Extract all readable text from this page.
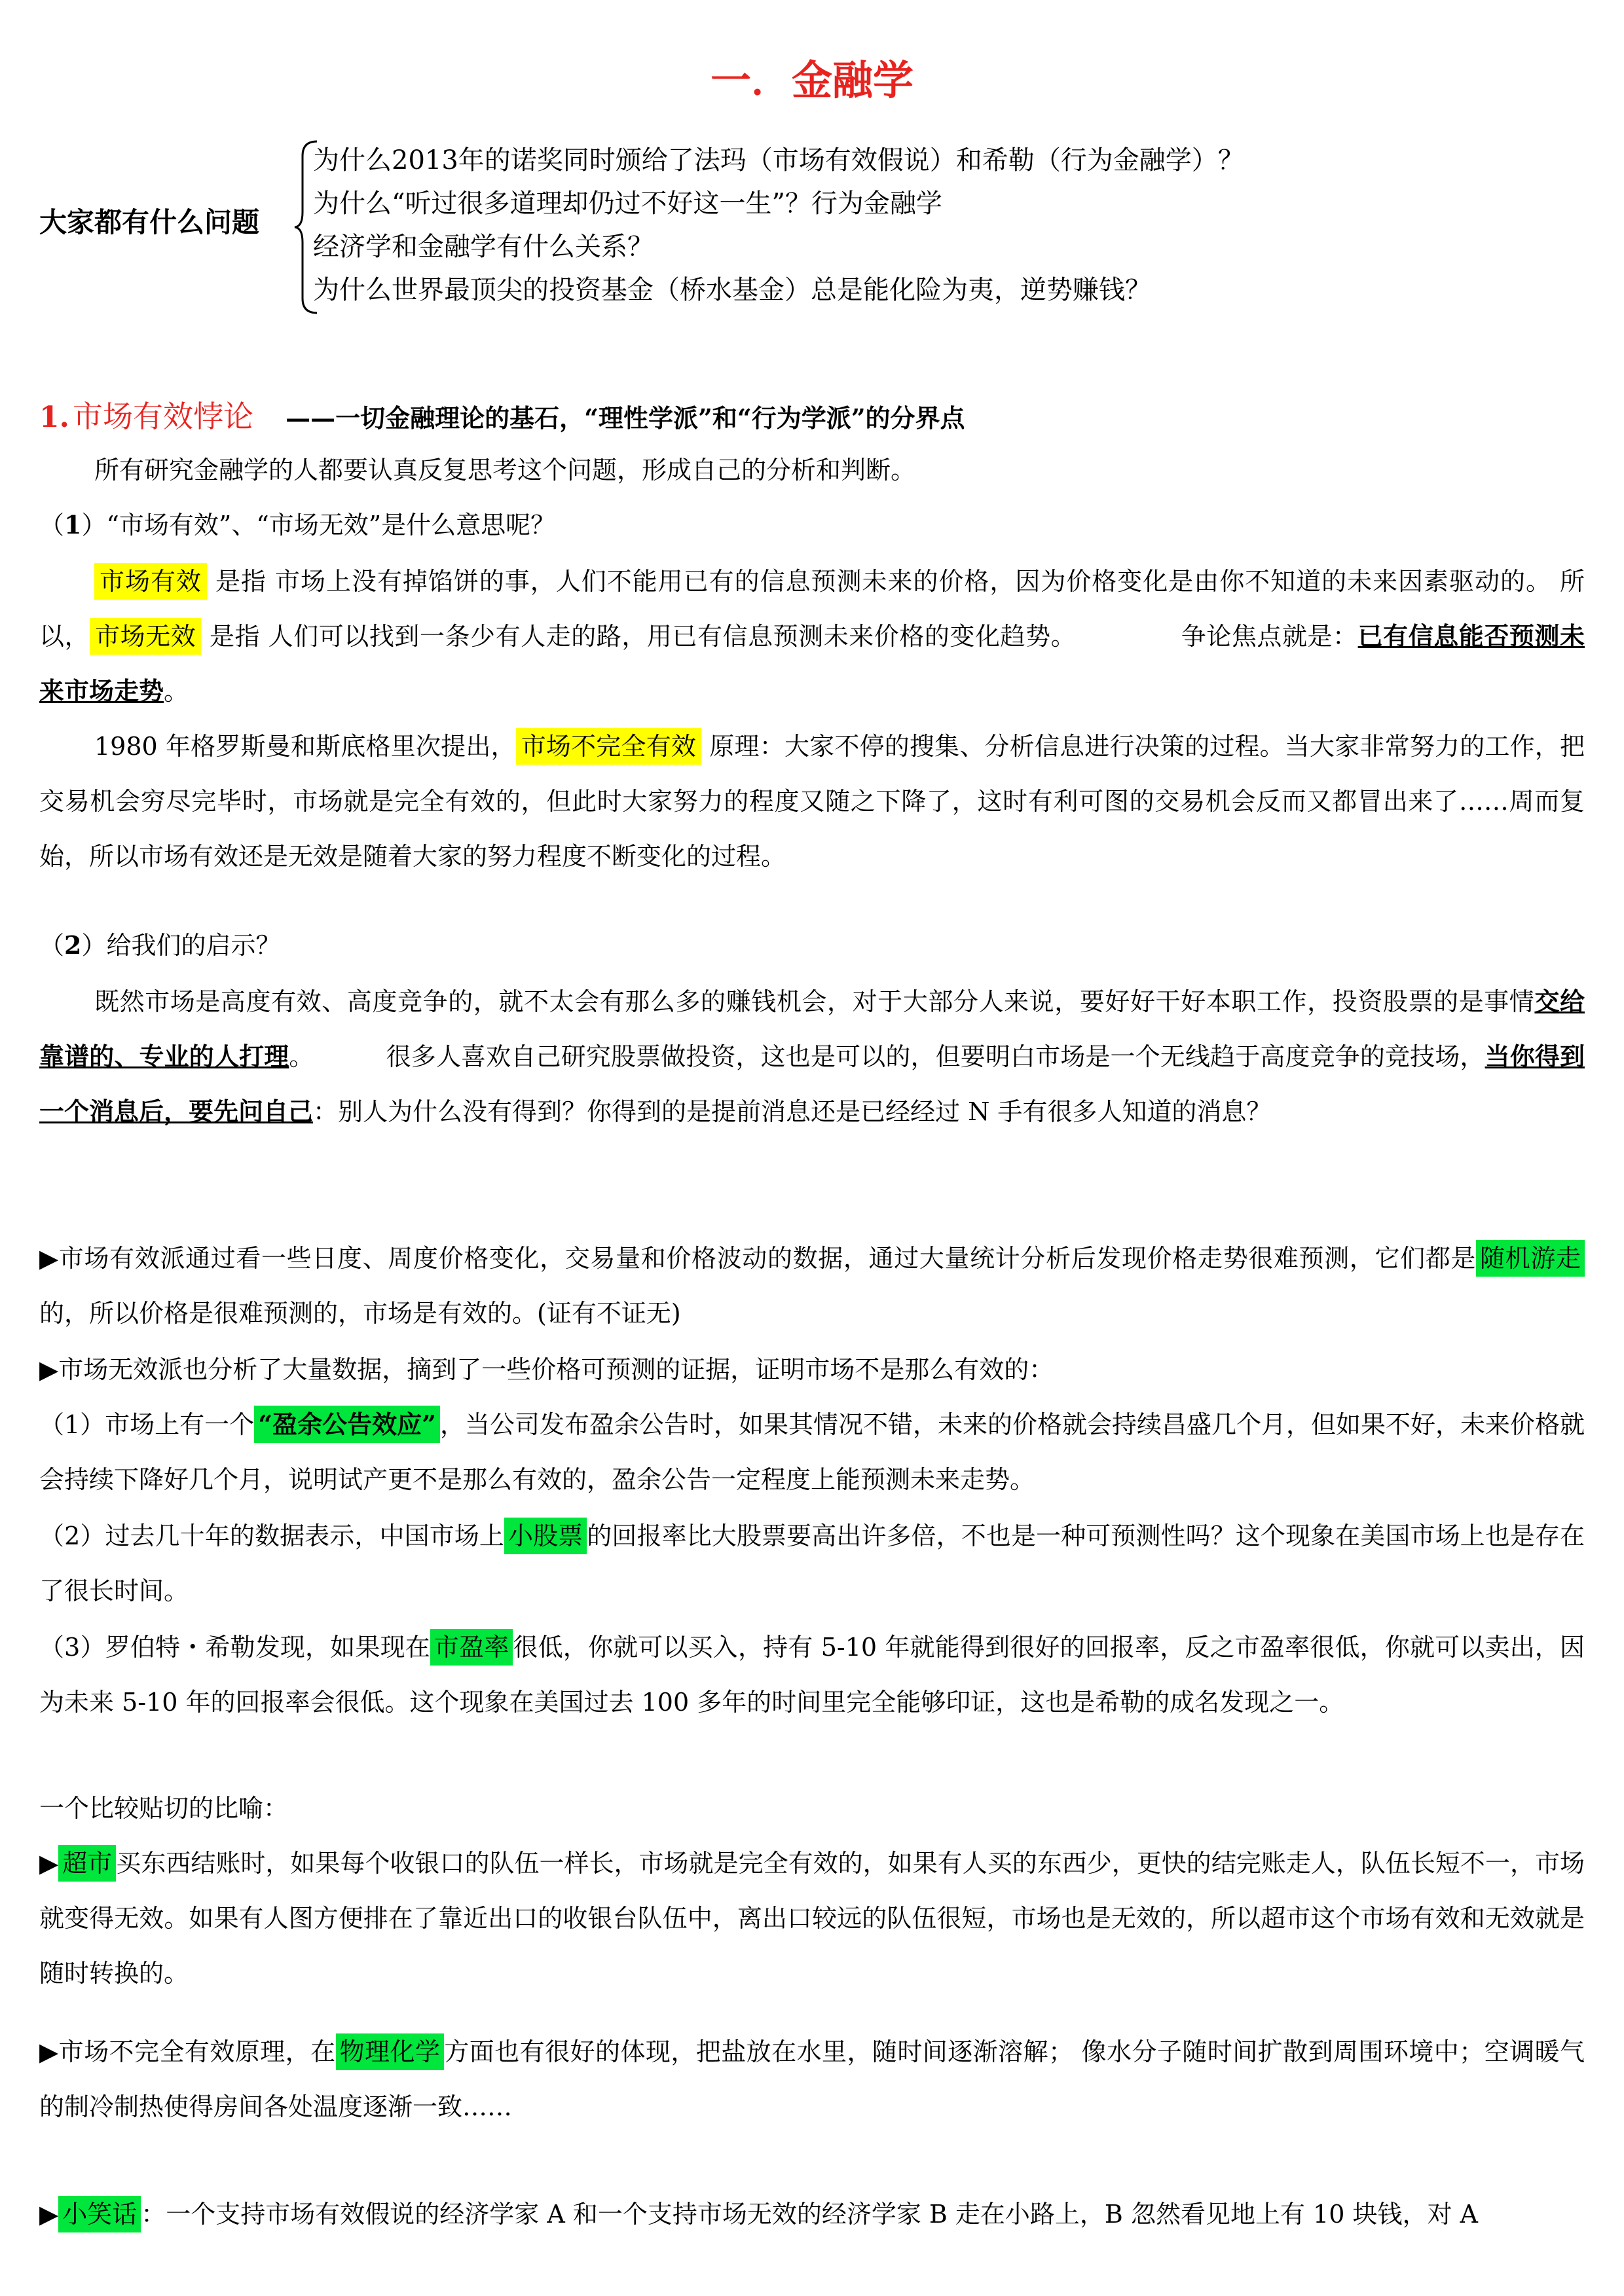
一．金融学
大家都有什么问题
为什么2013年的诺奖同时颁给了法玛（市场有效假说）和希勒（行为金融学）？
为什么“听过很多道理却仍过不好这一生”？行为金融学
经济学和金融学有什么关系？
为什么世界最顶尖的投资基金（桥水基金）总是能化险为夷，逆势赚钱？
1. 市场有效悖论 ——一切金融理论的基石，“理性学派”和“行为学派”的分界点

所有研究金融学的人都要认真反复思考这个问题，形成自己的分析和判断。

（1）“市场有效”、“市场无效”是什么意思呢？

市场有效 是指 市场上没有掉馅饼的事，人们不能用已有的信息预测未来的价格，因为价格变化是由你不知道的未来因素驱动的。 所以， 市场无效 是指 人们可以找到一条少有人走的路，用已有信息预测未来价格的变化趋势。	争论焦点就是：已有信息能否预测未来市场走势。

1980 年格罗斯曼和斯底格里次提出， 市场不完全有效 原理：大家不停的搜集、分析信息进行决策的过程。当大家非常努力的工作，把交易机会穷尽完毕时，市场就是完全有效的，但此时大家努力的程度又随之下降了，这时有利可图的交易机会反而又都冒出来了……周而复始，所以市场有效还是无效是随着大家的努力程度不断变化的过程。

（2）给我们的启示？

既然市场是高度有效、高度竞争的，就不太会有那么多的赚钱机会，对于大部分人来说，要好好干好本职工作，投资股票的是事情交给靠谱的、专业的人打理。	很多人喜欢自己研究股票做投资，这也是可以的，但要明白市场是一个无线趋于高度竞争的竞技场，当你得到一个消息后，要先问自己：别人为什么没有得到？你得到的是提前消息还是已经经过 N 手有很多人知道的消息？

▶市场有效派通过看一些日度、周度价格变化，交易量和价格波动的数据，通过大量统计分析后发现价格走势很难预测，它们都是 随机游走的，所以价格是很难预测的，市场是有效的。(证有不证无)

▶市场无效派也分析了大量数据，摘到了一些价格可预测的证据，证明市场不是那么有效的：

（1）市场上有一个 “盈余公告效应” ，当公司发布盈余公告时，如果其情况不错，未来的价格就会持续昌盛几个月，但如果不好，未来价格就会持续下降好几个月，说明试产更不是那么有效的，盈余公告一定程度上能预测未来走势。

（2）过去几十年的数据表示，中国市场上 小股票 的回报率比大股票要高出许多倍，不也是一种可预测性吗？这个现象在美国市场上也是存在了很长时间。

（3）罗伯特・希勒发现，如果现在 市盈率 很低，你就可以买入，持有 5-10 年就能得到很好的回报率，反之市盈率很低，你就可以卖出，因为未来 5-10 年的回报率会很低。这个现象在美国过去 100 多年的时间里完全能够印证，这也是希勒的成名发现之一。

一个比较贴切的比喻：

▶ 超市 买东西结账时，如果每个收银口的队伍一样长，市场就是完全有效的，如果有人买的东西少，更快的结完账走人，队伍长短不一，市场就变得无效。如果有人图方便排在了靠近出口的收银台队伍中，离出口较远的队伍很短，市场也是无效的，所以超市这个市场有效和无效就是随时转换的。

▶市场不完全有效原理，在 物理化学 方面也有很好的体现，把盐放在水里，随时间逐渐溶解； 像水分子随时间扩散到周围环境中；空调暖气的制冷制热使得房间各处温度逐渐一致……

▶ 小笑话 ：一个支持市场有效假说的经济学家 A 和一个支持市场无效的经济学家 B 走在小路上，B 忽然看见地上有 10 块钱，对 A
